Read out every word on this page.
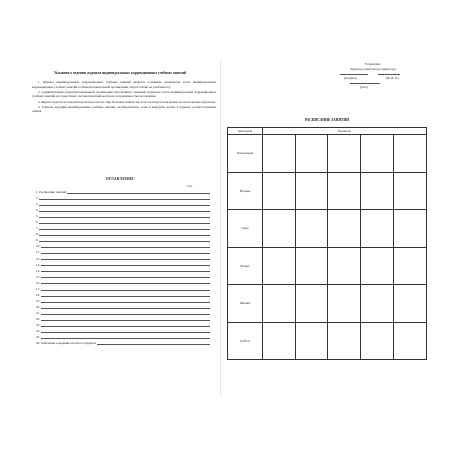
Указания о ведении журнала индивидуальных коррекционных учебных занятий

1. Журнал индивидуальных коррекционных учебных занятий является основным документом учета индивидуальных коррекционных учебных занятий в общеобразовательной организации. Он рассчитан на учебный год.

2. Администрация общеобразовательной организации обеспечивает хранение журналов учета индивидуальных коррекционных учебных занятий и осуществляет систематический контроль за правильностью их ведения.

3. Журнал ведется по каждой параллели классов. При большом количестве классов в параллели можно вести несколько журналов.

4. Учитель, ведущий индивидуальные учебные занятия, систематически, четко и аккуратно делает в журнале соответствующие записи.

ОГЛАВЛЕНИЕ
Стр.
1. Расписание занятий
2.
3.
4.
5.
6.
7.
8.
9.
10.
11.
12.
13.
14.
15.
16.
17.
18.
19.
20.
21.
22.
23.
24.
25.
26. Замечания о ведении классного журнала
Утверждаю:
Директор (заместитель директора)
(подпись)	(Ф. И. О.)
(дата)
РАСПИСАНИЕ ЗАНЯТИЙ
Дни недели	Предметы				
Понедельник					
Вторник					
Среда					
Четверг					
Пятница					
Суббота					
